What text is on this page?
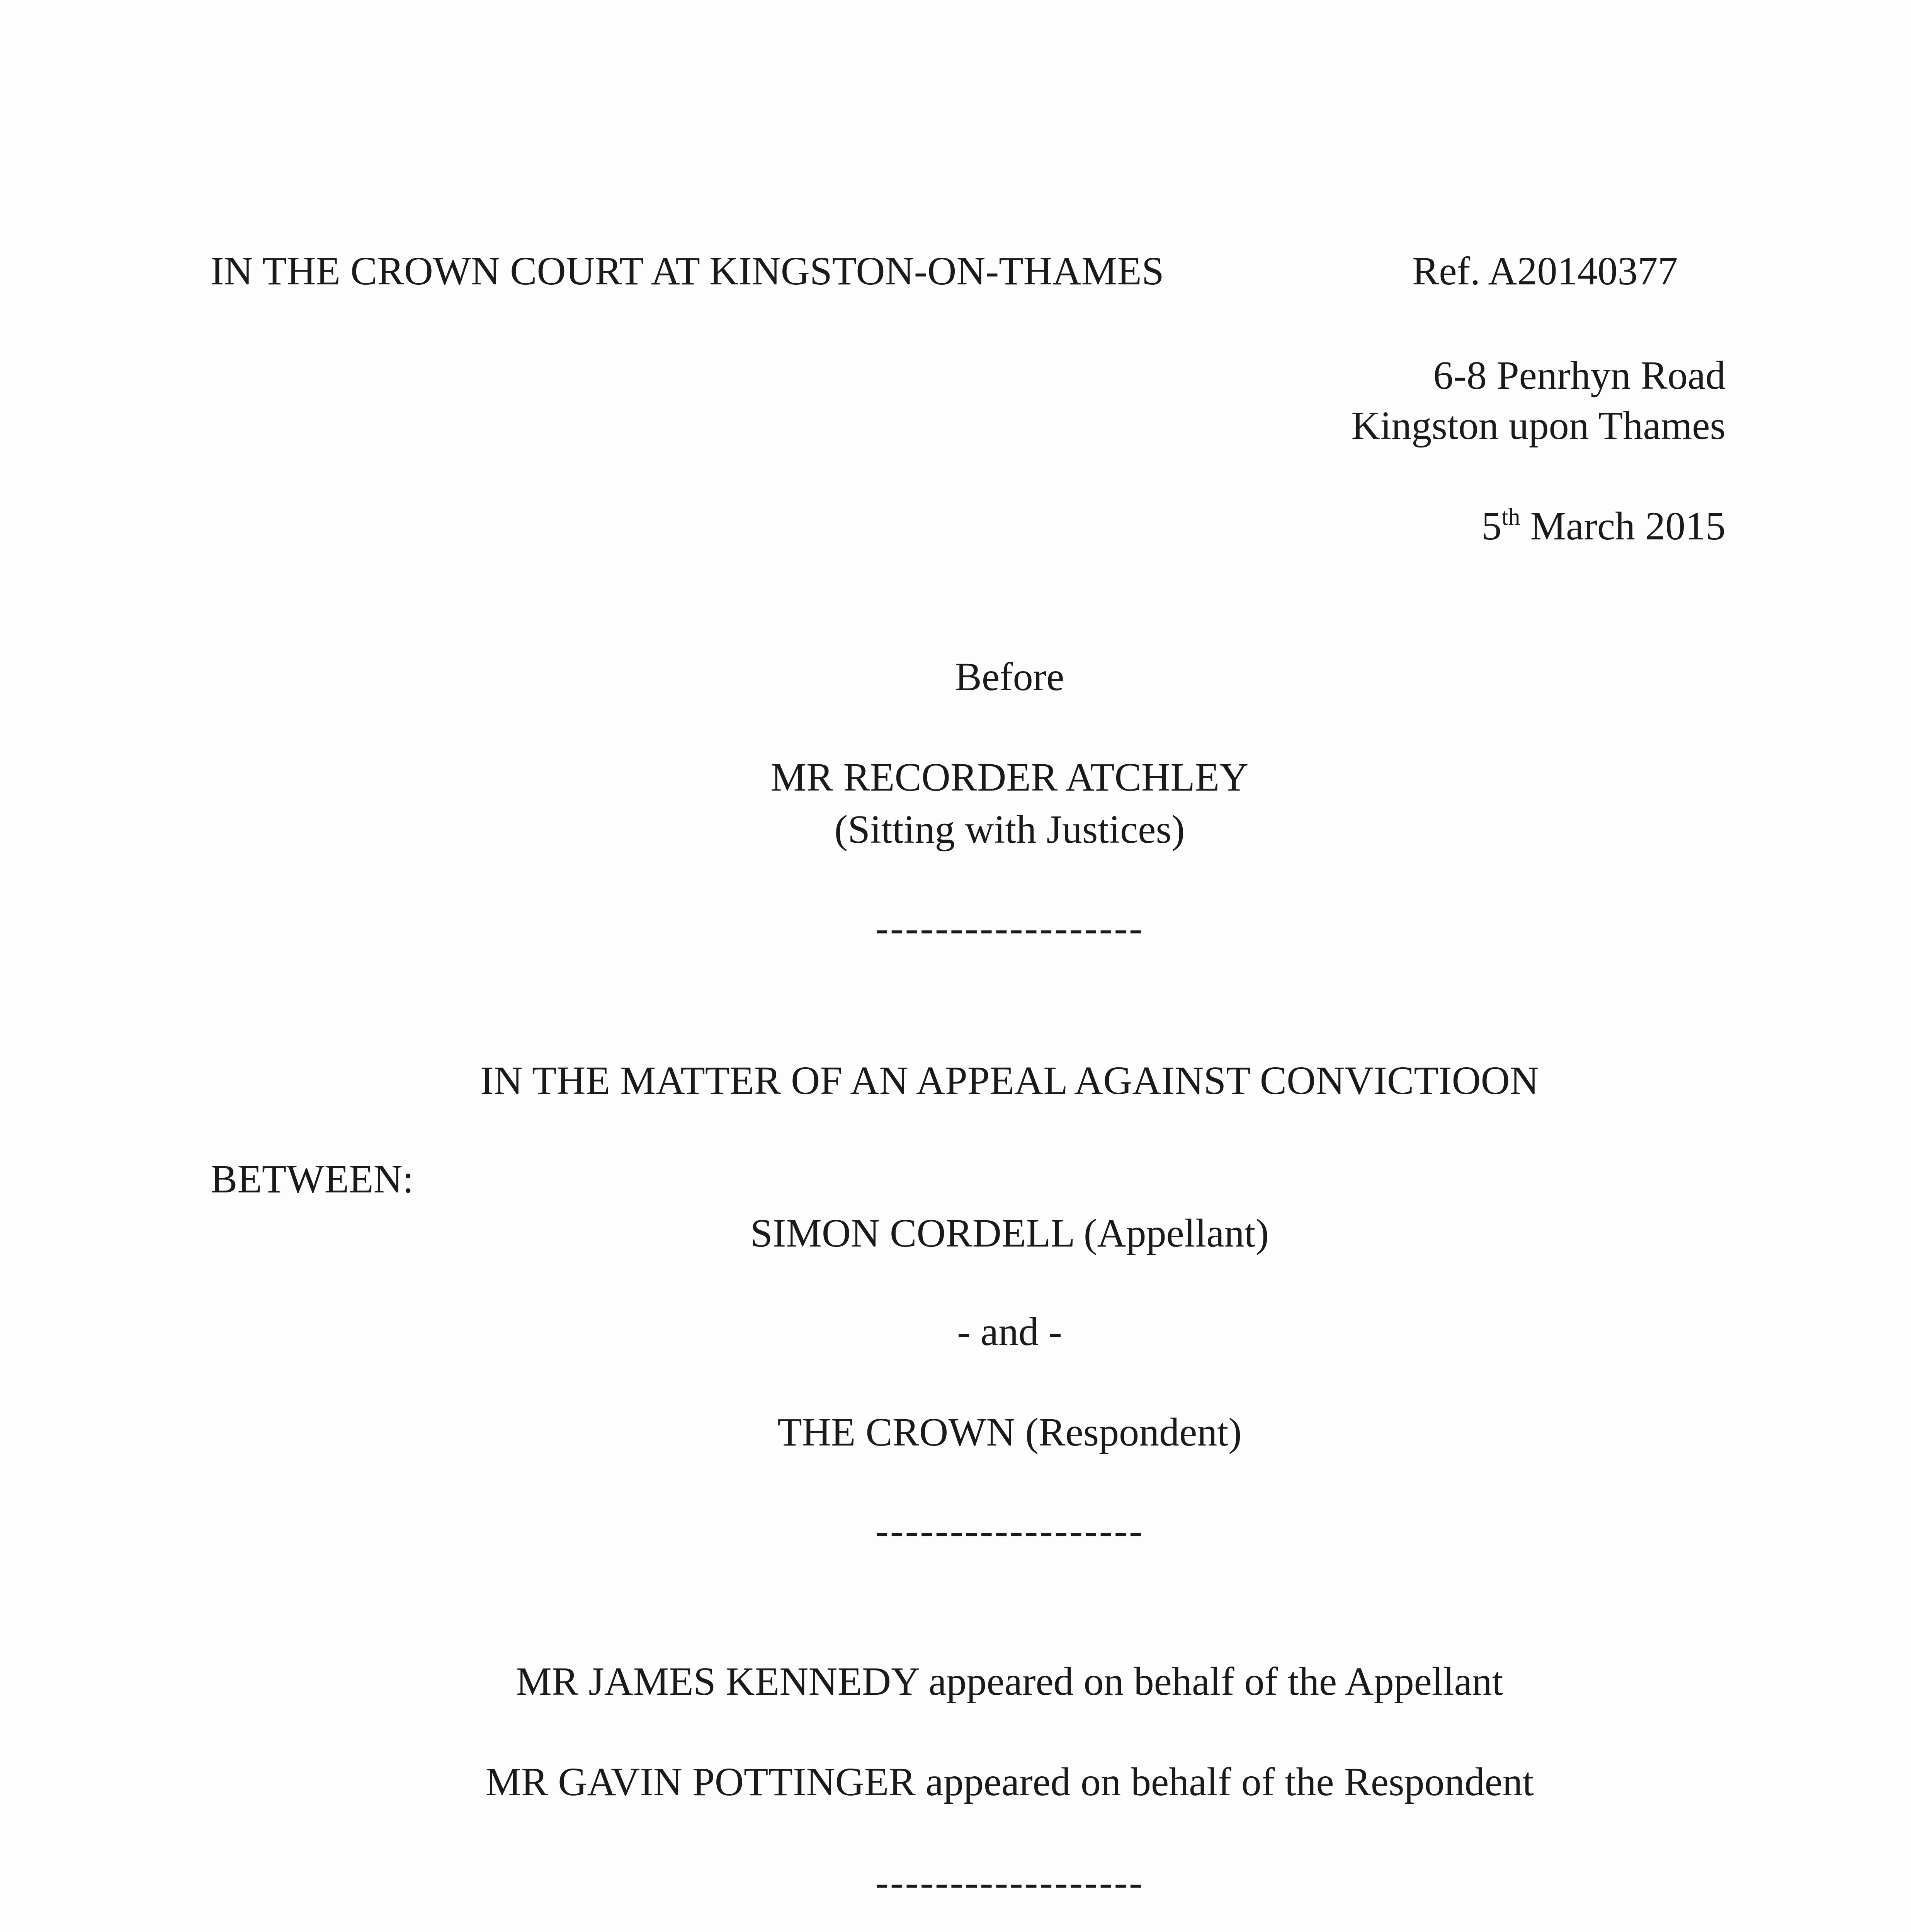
IN THE CROWN COURT AT KINGSTON-ON-THAMES	Ref. A20140377
6-8 Penrhyn Road
Kingston upon Thames
5th March 2015
Before
MR RECORDER ATCHLEY
(Sitting with Justices)
------------------
IN THE MATTER OF AN APPEAL AGAINST CONVICTIOON
BETWEEN:
SIMON CORDELL (Appellant)
- and -
THE CROWN (Respondent)
------------------
MR JAMES KENNEDY appeared on behalf of the Appellant
MR GAVIN POTTINGER appeared on behalf of the Respondent
------------------
